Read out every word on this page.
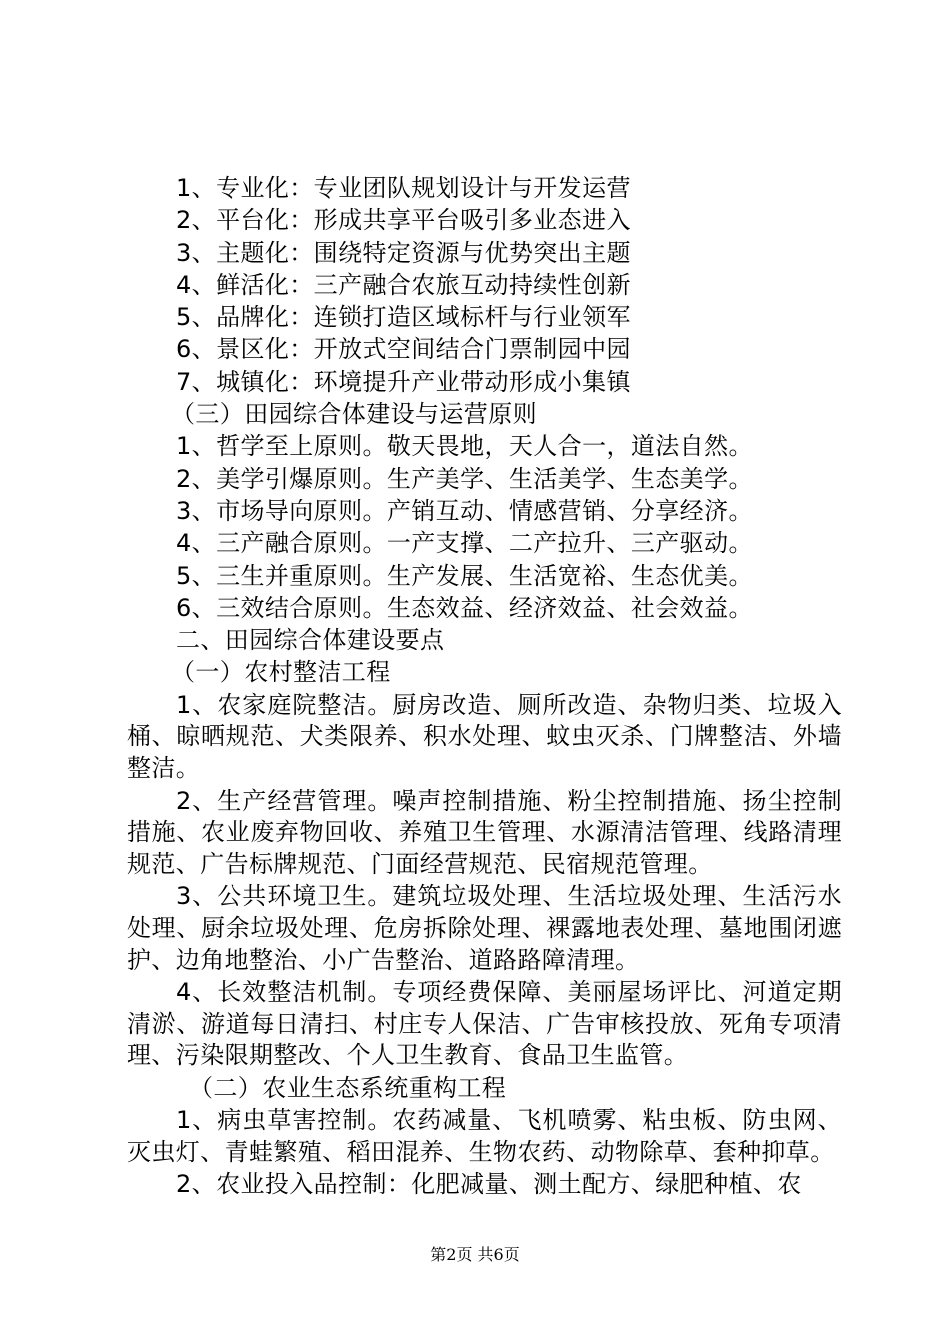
1、专业化：专业团队规划设计与开发运营
2、平台化：形成共享平台吸引多业态进入
3、主题化：围绕特定资源与优势突出主题
4、鲜活化：三产融合农旅互动持续性创新
5、品牌化：连锁打造区域标杆与行业领军
6、景区化：开放式空间结合门票制园中园
7、城镇化：环境提升产业带动形成小集镇
（三）田园综合体建设与运营原则
1、哲学至上原则。敬天畏地，天人合一，道法自然。
2、美学引爆原则。生产美学、生活美学、生态美学。
3、市场导向原则。产销互动、情感营销、分享经济。
4、三产融合原则。一产支撑、二产拉升、三产驱动。
5、三生并重原则。生产发展、生活宽裕、生态优美。
6、三效结合原则。生态效益、经济效益、社会效益。
二、田园综合体建设要点
（一）农村整洁工程

1、农家庭院整洁。厨房改造、厕所改造、杂物归类、垃圾入桶、晾晒规范、犬类限养、积水处理、蚊虫灭杀、门牌整洁、外墙整洁。

2、生产经营管理。噪声控制措施、粉尘控制措施、扬尘控制措施、农业废弃物回收、养殖卫生管理、水源清洁管理、线路清理规范、广告标牌规范、门面经营规范、民宿规范管理。

3、公共环境卫生。建筑垃圾处理、生活垃圾处理、生活污水处理、厨余垃圾处理、危房拆除处理、裸露地表处理、墓地围闭遮护、边角地整治、小广告整治、道路路障清理。

4、长效整洁机制。专项经费保障、美丽屋场评比、河道定期清淤、游道每日清扫、村庄专人保洁、广告审核投放、死角专项清理、污染限期整改、个人卫生教育、食品卫生监管。

（二）农业生态系统重构工程

1、病虫草害控制。农药减量、飞机喷雾、粘虫板、防虫网、灭虫灯、青蛙繁殖、稻田混养、生物农药、动物除草、套种抑草。

2、农业投入品控制：化肥减量、测土配方、绿肥种植、农

第2页 共6页
